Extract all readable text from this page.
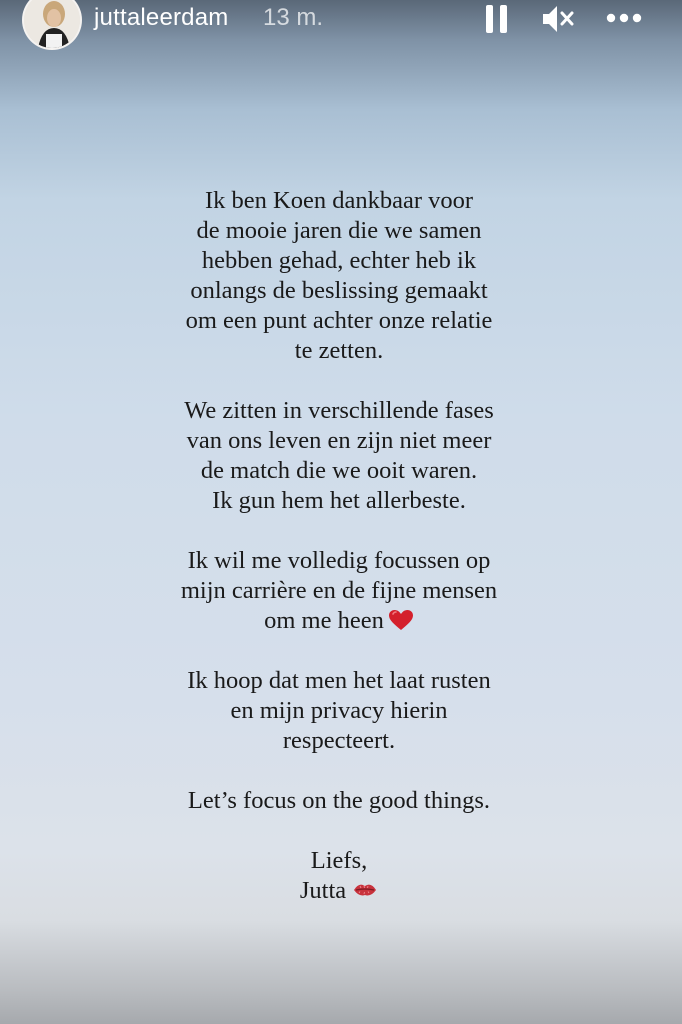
juttaleerdam 13 m.

Ik ben Koen dankbaar voor
de mooie jaren die we samen
hebben gehad, echter heb ik
onlangs de beslissing gemaakt
om een punt achter onze relatie
te zetten.

We zitten in verschillende fases
van ons leven en zijn niet meer
de match die we ooit waren.
Ik gun hem het allerbeste.

Ik wil me volledig focussen op
mijn carrière en de fijne mensen
om me heen

Ik hoop dat men het laat rusten
en mijn privacy hierin
respecteert.

Let’s focus on the good things.

Liefs,
Jutta
